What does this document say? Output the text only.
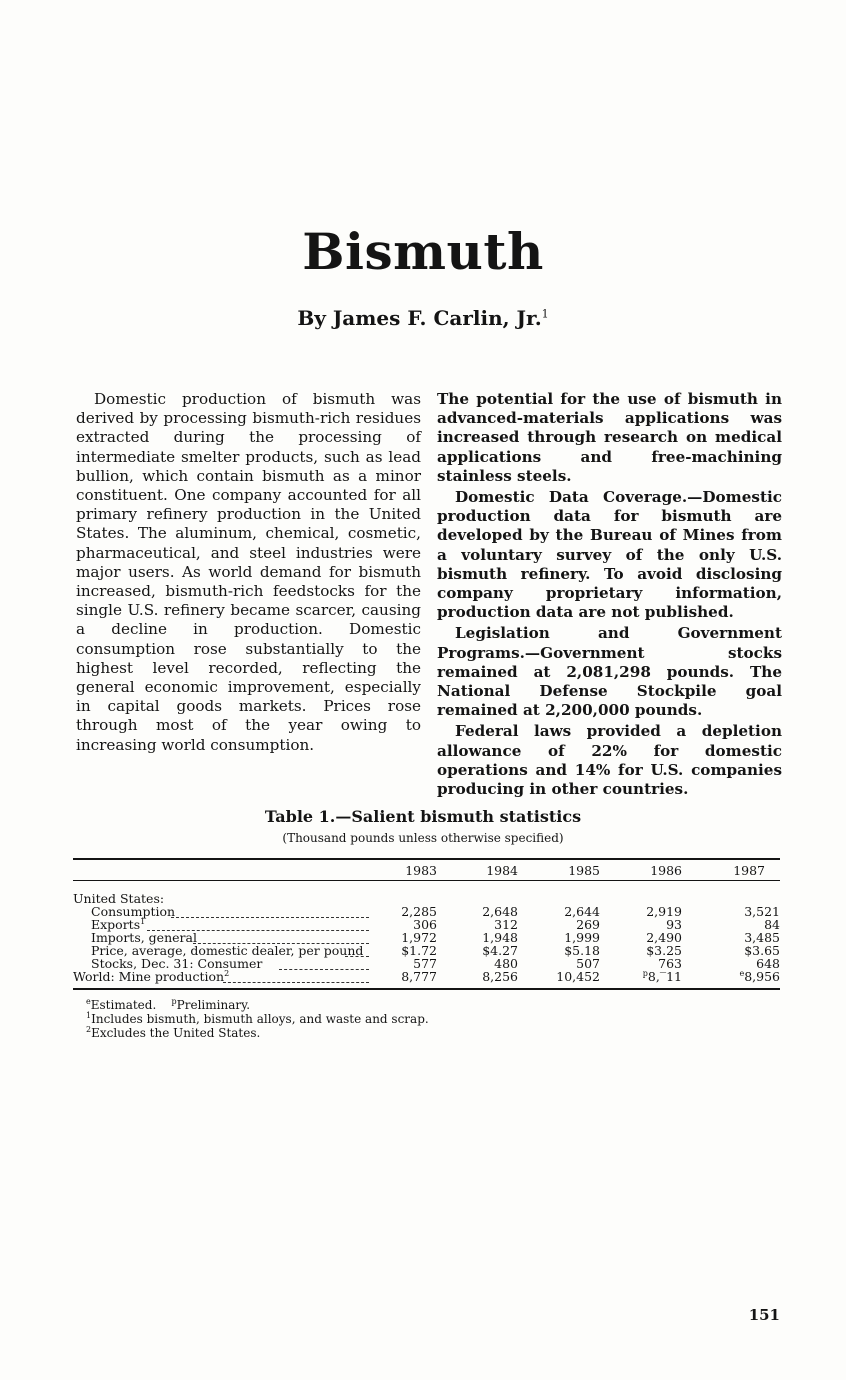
Bismuth
By James F. Carlin, Jr.$^1$

Domestic production of bismuth was derived by processing bismuth-rich residues extracted during the processing of intermediate smelter products, such as lead bullion, which contain bismuth as a minor constituent. One company accounted for all primary refinery production in the United States. The aluminum, chemical, cosmetic, pharmaceutical, and steel industries were major users. As world demand for bismuth increased, bismuth-rich feedstocks for the single U.S. refinery became scarcer, causing a decline in production. Domestic consumption rose substantially to the highest level recorded, reflecting the general economic improvement, especially in capital goods markets. Prices rose through most of the year owing to increasing world consumption.

The potential for the use of bismuth in advanced-materials applications was increased through research on medical applications and free-machining stainless steels.

Domestic Data Coverage.—Domestic production data for bismuth are developed by the Bureau of Mines from a voluntary survey of the only U.S. bismuth refinery. To avoid disclosing company proprietary information, production data are not published.

Legislation and Government Programs.—Government stocks remained at 2,081,298 pounds. The National Defense Stockpile goal remained at 2,200,000 pounds.

Federal laws provided a depletion allowance of 22% for domestic operations and 14% for U.S. companies producing in other countries.

Table 1.—Salient bismuth statistics
(Thousand pounds unless otherwise specified)
1983	1984	1985	1986	1987
United States:
Consumption	2,285	2,648	2,644	2,919	3,521
Exports$^1$	306	312	269	93	84
Imports, general	1,972	1,948	1,999	2,490	3,485
Price, average, domestic dealer, per pound	$1.72	$4.27	$5.18	$3.25	$3.65
Stocks, Dec. 31: Consumer	577	480	507	763	648
World: Mine production$^2$	8,777	8,256	10,452	$^p$8,‾11	$^e$8,956
$^e$Estimated. $^p$Preliminary.
$^1$Includes bismuth, bismuth alloys, and waste and scrap.
$^2$Excludes the United States.
151
